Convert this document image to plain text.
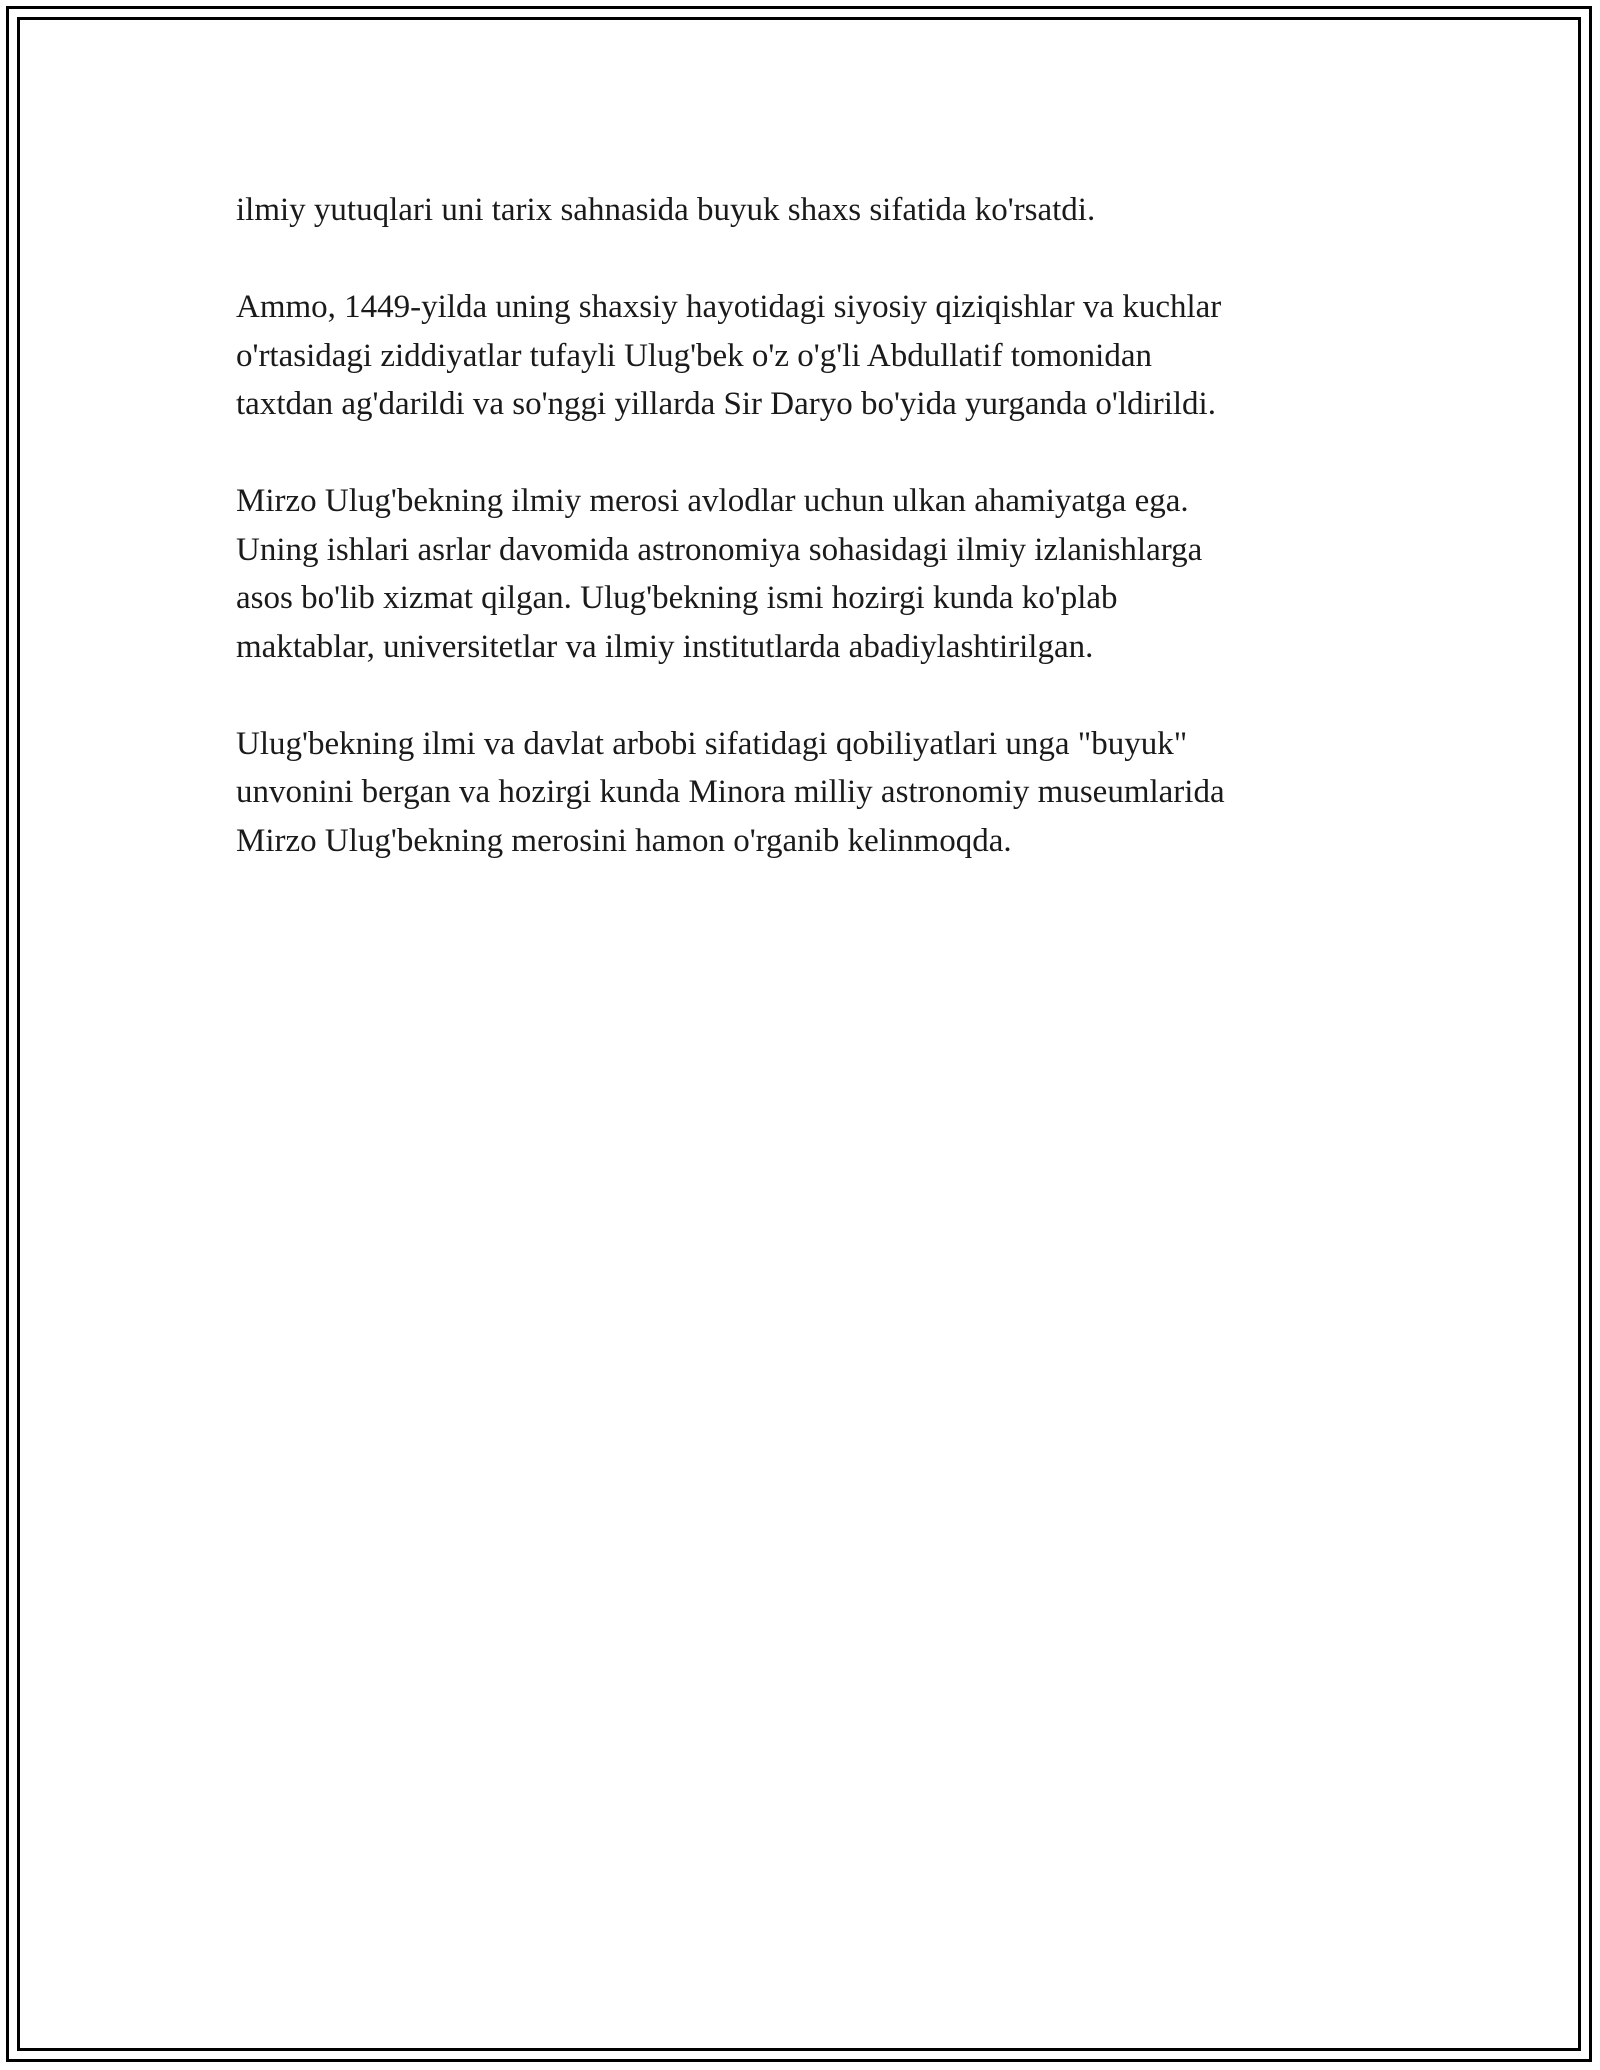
ilmiy yutuqlari uni tarix sahnasida buyuk shaxs sifatida ko'rsatdi.

Ammo, 1449-yilda uning shaxsiy hayotidagi siyosiy qiziqishlar va kuchlar
o'rtasidagi ziddiyatlar tufayli Ulug'bek o'z o'g'li Abdullatif tomonidan
taxtdan ag'darildi va so'nggi yillarda Sir Daryo bo'yida yurganda o'ldirildi.

Mirzo Ulug'bekning ilmiy merosi avlodlar uchun ulkan ahamiyatga ega.
Uning ishlari asrlar davomida astronomiya sohasidagi ilmiy izlanishlarga
asos bo'lib xizmat qilgan. Ulug'bekning ismi hozirgi kunda ko'plab
maktablar, universitetlar va ilmiy institutlarda abadiylashtirilgan.

Ulug'bekning ilmi va davlat arbobi sifatidagi qobiliyatlari unga "buyuk"
unvonini bergan va hozirgi kunda Minora milliy astronomiy museumlarida
Mirzo Ulug'bekning merosini hamon o'rganib kelinmoqda.
